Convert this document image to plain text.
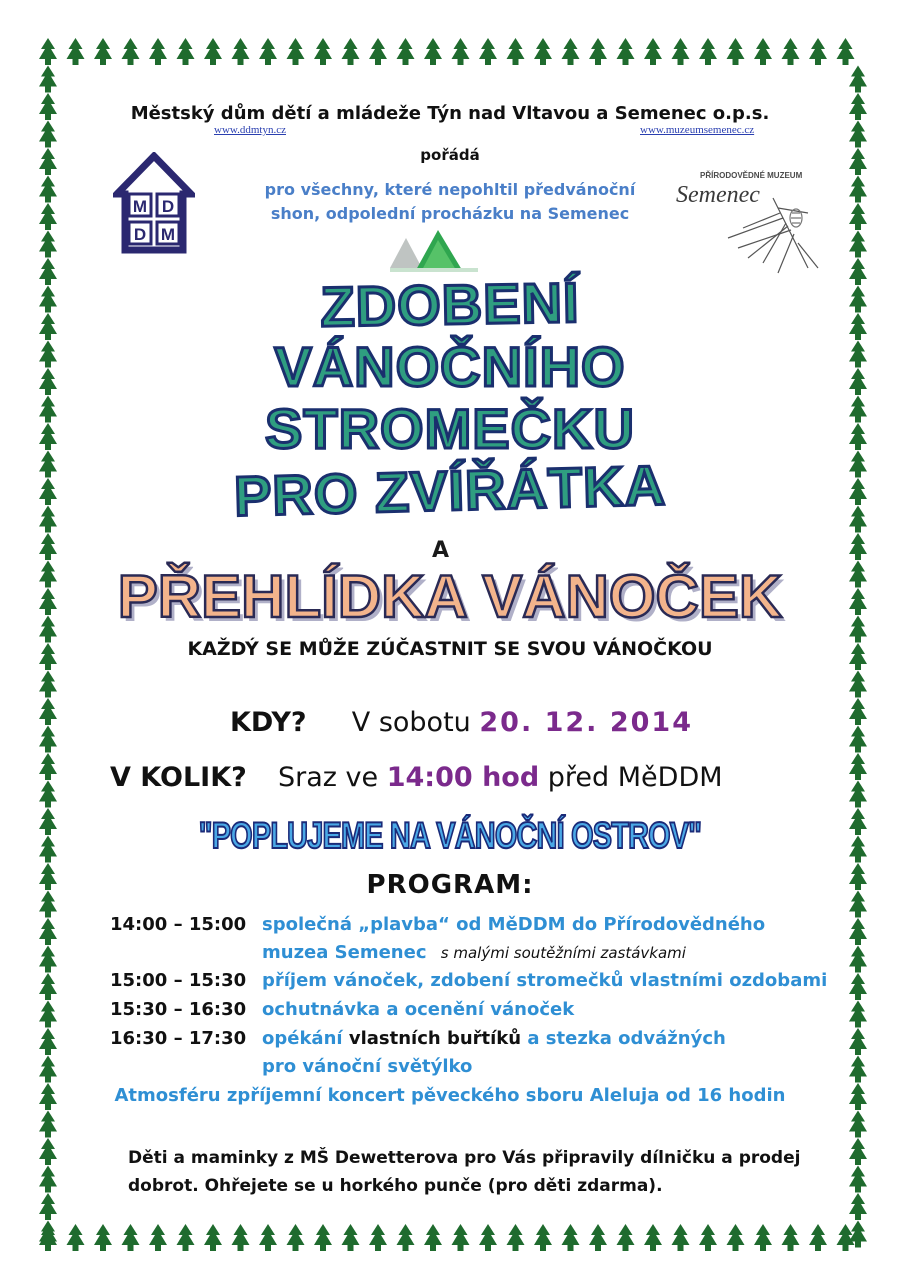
Městský dům dětí a mládeže Týn nad Vltavou a Semenec o.p.s.
www.ddmtyn.cz	www.muzeumsemenec.cz
pořádá
M D
D M
PŘÍRODOVĚDNÉ MUZEUM
Semenec
pro všechny, které nepohltil předvánoční
shon, odpolední procházku na Semenec
ZDOBENÍ
VÁNOČNÍHO
STROMEČKU
PRO ZVÍŘÁTKA
A
PŘEHLÍDKA VÁNOČEK
KAŽDÝ SE MŮŽE ZÚČASTNIT SE SVOU VÁNOČKOU
KDY? V sobotu 20. 12. 2014
V KOLIK? Sraz ve 14:00 hod před MěDDM
"POPLUJEME NA VÁNOČNÍ OSTROV"
PROGRAM:
14:00 – 15:00 společná „plavba“ od MěDDM do Přírodovědného
muzea Semenec s malými soutěžními zastávkami
15:00 – 15:30 příjem vánoček, zdobení stromečků vlastními ozdobami
15:30 – 16:30 ochutnávka a ocenění vánoček
16:30 – 17:30 opékání vlastních buřtíků a stezka odvážných
pro vánoční světýlko
Atmosféru zpříjemní koncert pěveckého sboru Aleluja od 16 hodin
Děti a maminky z MŠ Dewetterova pro Vás připravily dílničku a prodej
dobrot. Ohřejete se u horkého punče (pro děti zdarma).
